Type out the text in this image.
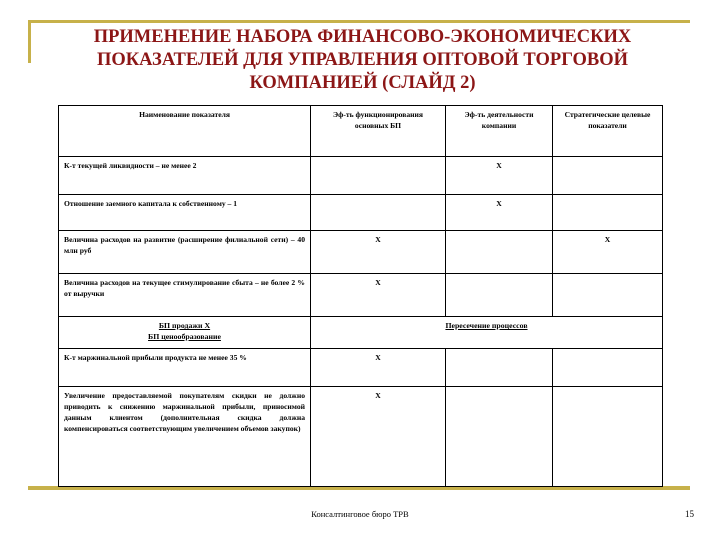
ПРИМЕНЕНИЕ НАБОРА ФИНАНСОВО-ЭКОНОМИЧЕСКИХ ПОКАЗАТЕЛЕЙ ДЛЯ УПРАВЛЕНИЯ ОПТОВОЙ ТОРГОВОЙ КОМПАНИЕЙ (СЛАЙД 2)
Наименование показателя	Эф-ть функционирования основных БП	Эф-ть деятельности компании	Стратегические целевые показатели
К-т текущей ликвидности – не менее 2		Х	
Отношение заемного капитала к собственному – 1		Х	
Величина расходов на развитие (расширение филиальной сети) – 40 млн руб	Х		Х
Величина расходов на текущее стимулирование сбыта – не более 2 % от выручки	Х		
БП продажи Х
БП ценообразование	Пересечение процессов		
К-т маржинальной прибыли продукта не менее 35 %	Х		
Увеличение предоставляемой покупателям скидки не должно приводить к снижению маржинальной прибыли, приносимой данным клиентом (дополнительная скидка должна компенсироваться соответствующим увеличением объемов закупок)	Х		
Консалтинговое бюро ТРВ	15
